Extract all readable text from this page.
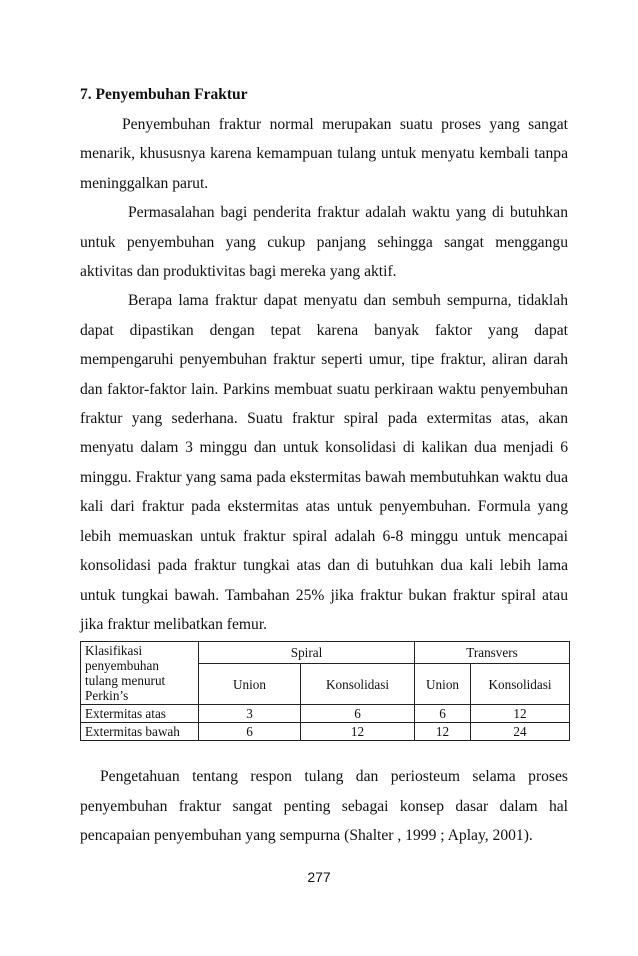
7. Penyembuhan Fraktur

Penyembuhan fraktur normal merupakan suatu proses yang sangat menarik, khususnya karena kemampuan tulang untuk menyatu kembali tanpa meninggalkan parut.

Permasalahan bagi penderita fraktur adalah waktu yang di butuhkan untuk penyembuhan yang cukup panjang sehingga sangat menggangu aktivitas dan produktivitas bagi mereka yang aktif.

Berapa lama fraktur dapat menyatu dan sembuh sempurna, tidaklah dapat dipastikan dengan tepat karena banyak faktor yang dapat mempengaruhi penyembuhan fraktur seperti umur, tipe fraktur, aliran darah dan faktor-faktor lain. Parkins membuat suatu perkiraan waktu penyembuhan fraktur yang sederhana. Suatu fraktur spiral pada extermitas atas, akan menyatu dalam 3 minggu dan untuk konsolidasi di kalikan dua menjadi 6 minggu. Fraktur yang sama pada ekstermitas bawah membutuhkan waktu dua kali dari fraktur pada ekstermitas atas untuk penyembuhan. Formula yang lebih memuaskan untuk fraktur spiral adalah 6-8 minggu untuk mencapai konsolidasi pada fraktur tungkai atas dan di butuhkan dua kali lebih lama untuk tungkai bawah. Tambahan 25% jika fraktur bukan fraktur spiral atau jika fraktur melibatkan femur.

Klasifikasi penyembuhan tulang menurut Perkin’s	Spiral		Transvers	
	Union	Konsolidasi	Union	Konsolidasi
Extermitas atas	3	6	6	12
Extermitas bawah	6	12	12	24

Pengetahuan tentang respon tulang dan periosteum selama proses penyembuhan fraktur sangat penting sebagai konsep dasar dalam hal pencapaian penyembuhan yang sempurna (Shalter , 1999 ; Aplay, 2001).

277
